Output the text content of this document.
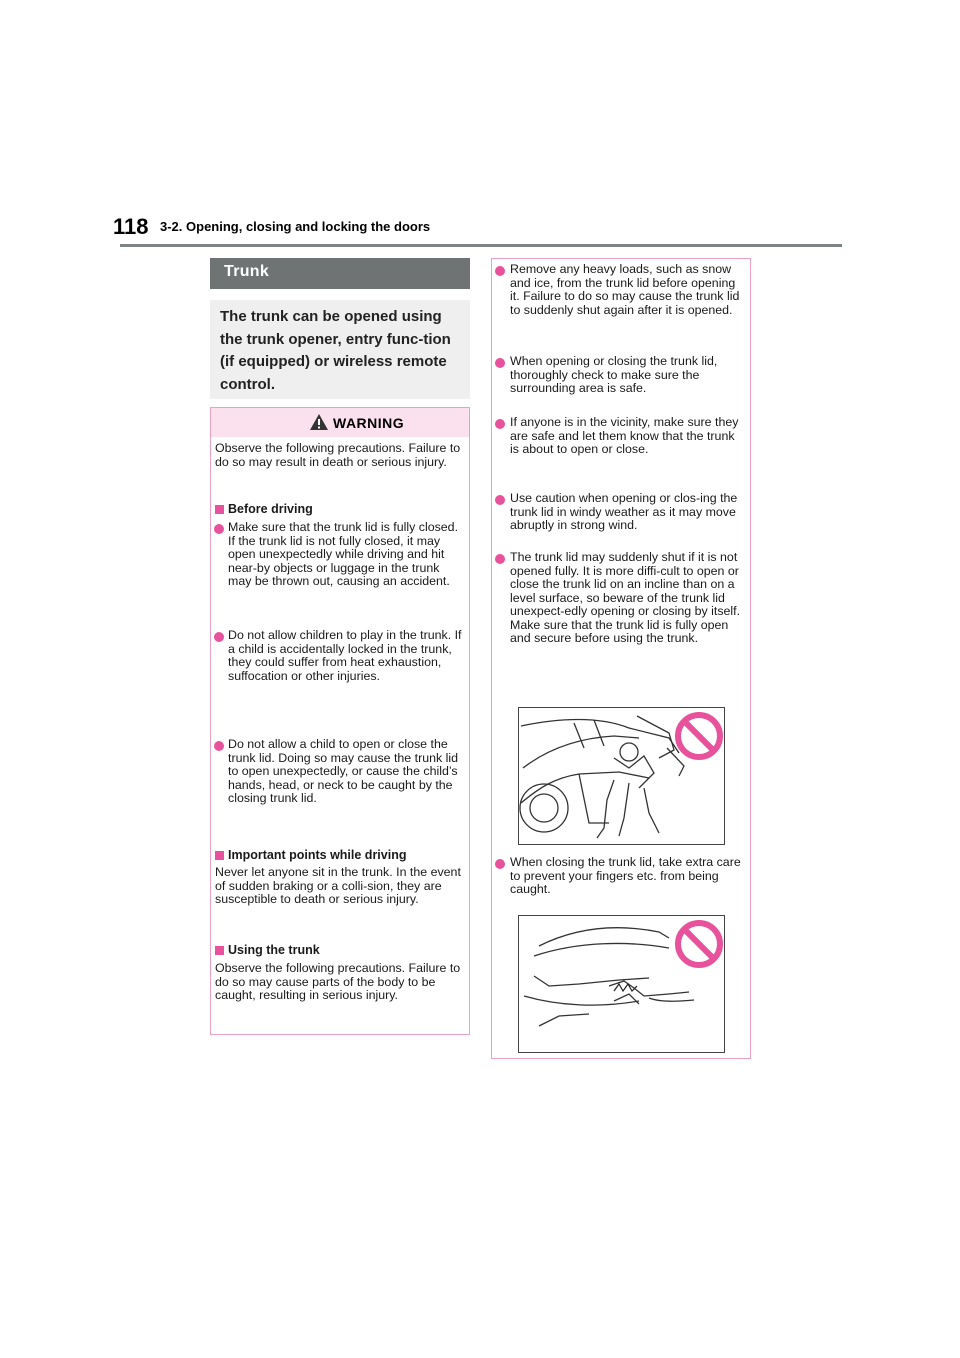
118 3-2. Opening, closing and locking the doors
Trunk

The trunk can be opened using the trunk opener, entry func-tion (if equipped) or wireless remote control.

WARNING
Observe the following precautions. Failure to do so may result in death or serious injury.
Before driving
Make sure that the trunk lid is fully closed. If the trunk lid is not fully closed, it may open unexpectedly while driving and hit near-by objects or luggage in the trunk may be thrown out, causing an accident.
Do not allow children to play in the trunk. If a child is accidentally locked in the trunk, they could suffer from heat exhaustion, suffocation or other injuries.
Do not allow a child to open or close the trunk lid. Doing so may cause the trunk lid to open unexpectedly, or cause the child’s hands, head, or neck to be caught by the closing trunk lid.
Important points while driving
Never let anyone sit in the trunk. In the event of sudden braking or a colli-sion, they are susceptible to death or serious injury.
Using the trunk
Observe the following precautions. Failure to do so may cause parts of the body to be caught, resulting in serious injury.
Remove any heavy loads, such as snow and ice, from the trunk lid before opening it. Failure to do so may cause the trunk lid to suddenly shut again after it is opened.
When opening or closing the trunk lid, thoroughly check to make sure the surrounding area is safe.
If anyone is in the vicinity, make sure they are safe and let them know that the trunk is about to open or close.
Use caution when opening or clos-ing the trunk lid in windy weather as it may move abruptly in strong wind.
The trunk lid may suddenly shut if it is not opened fully. It is more diffi-cult to open or close the trunk lid on an incline than on a level surface, so beware of the trunk lid unexpect-edly opening or closing by itself. Make sure that the trunk lid is fully open and secure before using the trunk.
When closing the trunk lid, take extra care to prevent your fingers etc. from being caught.
